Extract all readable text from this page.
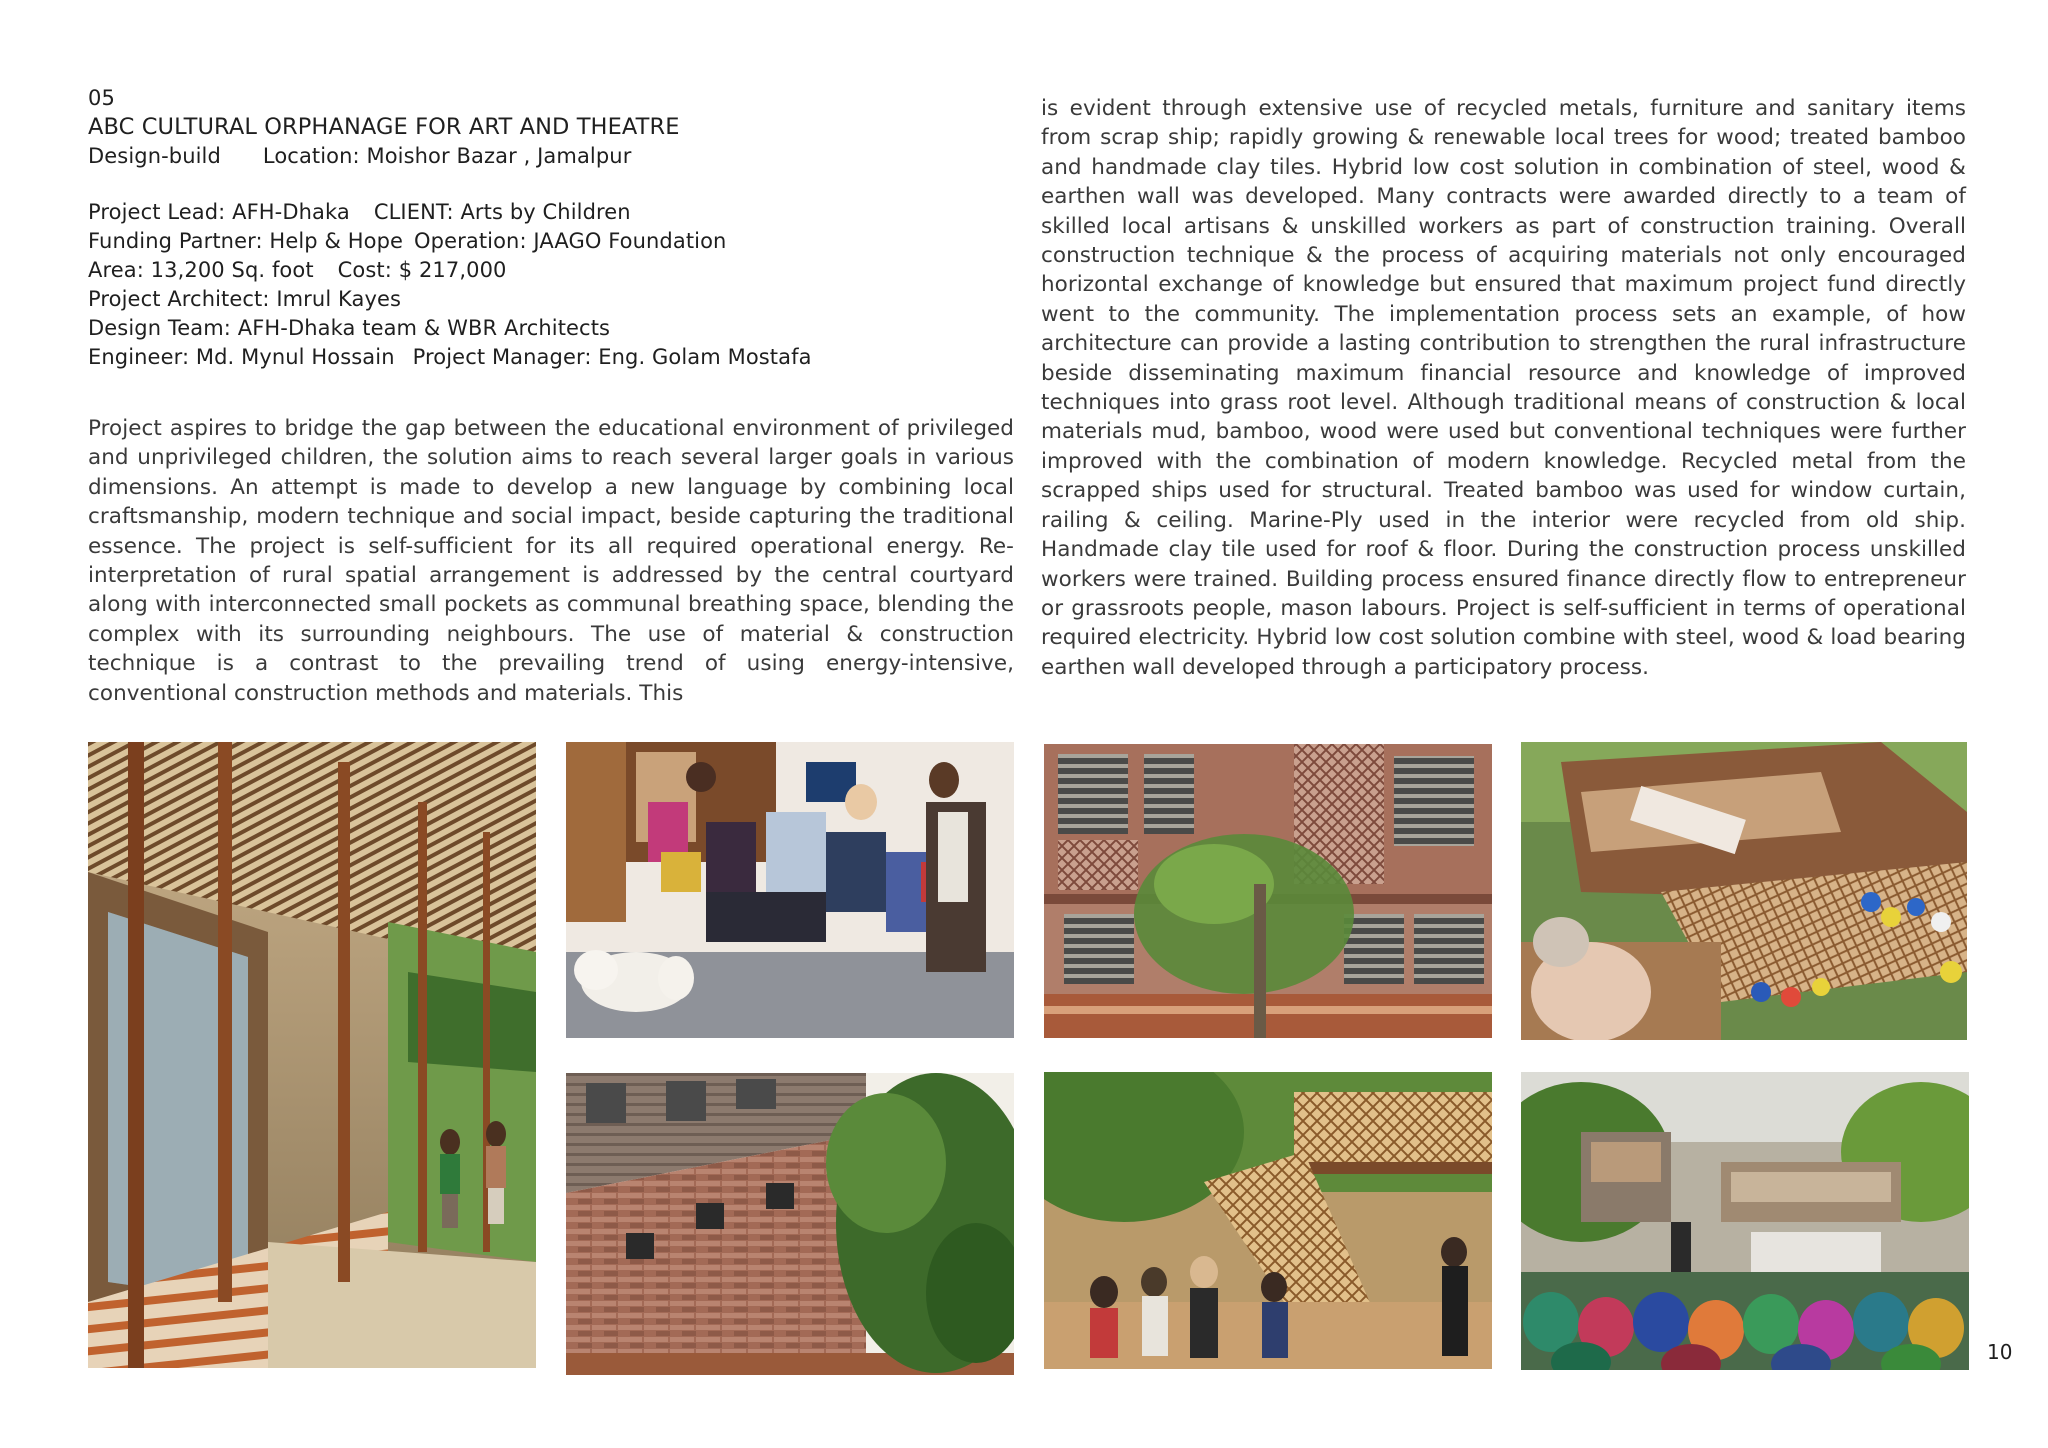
05
ABC CULTURAL ORPHANAGE FOR ART AND THEATRE
Design-build Location: Moishor Bazar , Jamalpur
Project Lead: AFH-Dhaka CLIENT: Arts by Children
Funding Partner: Help & Hope Operation: JAAGO Foundation
Area: 13,200 Sq. foot Cost: $ 217,000
Project Architect: Imrul Kayes
Design Team: AFH-Dhaka team & WBR Architects
Engineer: Md. Mynul Hossain Project Manager: Eng. Golam Mostafa

Project aspires to bridge the gap between the educational environment of privileged and unprivileged children, the solution aims to reach several larger goals in various dimensions. An attempt is made to develop a new language by combining local craftsmanship, modern technique and social impact, beside capturing the traditional essence. The project is self-sufficient for its all required operational energy. Re-interpretation of rural spatial arrangement is addressed by the central courtyard along with interconnected small pockets as communal breathing space, blending the complex with its surrounding neighbours. The use of material & construction technique is a contrast to the prevailing trend of using energy-intensive, conventional construction methods and materials. This

is evident through extensive use of recycled metals, furniture and sanitary items from scrap ship; rapidly growing & renewable local trees for wood; treated bamboo and handmade clay tiles. Hybrid low cost solution in combination of steel, wood & earthen wall was developed. Many contracts were awarded directly to a team of skilled local artisans & unskilled workers as part of construction training. Overall construction technique & the process of acquiring materials not only encouraged horizontal exchange of knowledge but ensured that maximum project fund directly went to the community. The implementation process sets an example, of how architecture can provide a lasting contribution to strengthen the rural infrastructure beside disseminating maximum financial resource and knowledge of improved techniques into grass root level. Although traditional means of construction & local materials mud, bamboo, wood were used but conventional techniques were further improved with the combination of modern knowledge. Recycled metal from the scrapped ships used for structural. Treated bamboo was used for window curtain, railing & ceiling. Marine-Ply used in the interior were recycled from old ship. Handmade clay tile used for roof & floor. During the construction process unskilled workers were trained. Building process ensured finance directly flow to entrepreneur or grassroots people, mason labours. Project is self-sufficient in terms of operational required electricity. Hybrid low cost solution combine with steel, wood & load bearing earthen wall developed through a participatory process.

10
